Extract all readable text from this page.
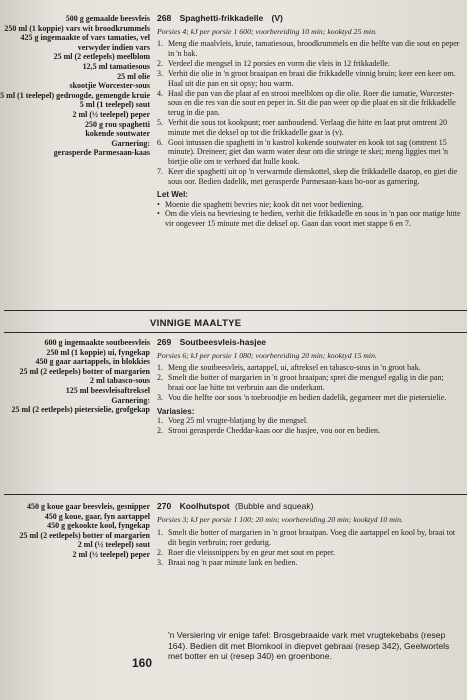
500 g gemaalde beesvleis
250 ml (1 koppie) vars wit broodkrummels
425 g ingemaakte of vars tamaties, vel verwyder indien vars
25 ml (2 eetlepels) meelblom
12,5 ml tamatiesous
25 ml olie
skootjie Worcester-sous
5 ml (1 teelepel) gedroogde, gemengde kruie
5 ml (1 teelepel) sout
2 ml (½ teelepel) peper
250 g rou spaghetti
kokende soutwater
Garnering:
gerasperde Parmesaan-kaas
268 Spaghetti-frikkadelle (V)
Porsies 4; kJ per porsie 1 600; voorbereiding 10 min; kooktyd 25 min.
1. Meng die maalvleis, kruie, tamatiesous, broodkrummels en die helfte van die sout en peper in 'n bak.
2. Verdeel die mengsel in 12 porsies en vorm die vleis in 12 frikkadelle.
3. Verhit die olie in 'n groot braaipan en braai die frikkadelle vinnig bruin; keer een keer om. Haal uit die pan en sit opsy; hou warm.
4. Haal die pan van die plaat af en strooi meelblom op die olie. Roer die tamatie, Worcester-sous en die res van die sout en peper in. Sit die pan weer op die plaat en sit die frikkadelle terug in die pan.
5. Verhit die sous tot kookpunt; roer aanhoudend. Verlaag die hitte en laat prut omtrent 20 minute met die deksel op tot die frikkadelle gaar is (v).
6. Gooi intussen die spaghetti in 'n kastrol kokende soutwater en kook tot sag (omtrent 15 minute). Dreineer; giet dan warm water deur om die stringe te skei; meng liggies met 'n bietjie olie om te verhoed dat hulle kook.
7. Keer die spaghetti uit op 'n verwarmde dienskottel, skep die frikkadelle daarop, en giet die sous oor. Bedien dadelik, met gerasperde Parmesaan-kaas bo-oor as garnering.
Let Wel:
• Moenie die spaghetti bevries nie; kook dit net voor bediening.
• Om die vleis na bevriesing te bedien, verhit die frikkadelle en sous in 'n pan oor matige hitte vir ongeveer 15 minute met die deksel op. Gaan dan voort met stappe 6 en 7.
VINNIGE MAALTYE
600 g ingemaakte soutbeesvleis
250 ml (1 koppie) ui, fyngekap
450 g gaar aartappels, in blokkies
25 ml (2 eetlepels) botter of margarien
2 ml tabasco-sous
125 ml beesvleisaftreksel
Garnering:
25 ml (2 eetlepels) pietersielie, grofgekap
269 Soutbeesvleis-hasjee
Porsies 6; kJ per porsie 1 080; voorbereiding 20 min; kooktyd 15 min.
1. Meng die soutbeesvleis, aartappel, ui, aftreksel en tabasco-sous in 'n groot bak.
2. Smelt die botter of margarien in 'n groot braaipan; sprei die mengsel egalig in die pan; braai oor lae hitte tot verbruin aan die onderkant.
3. Vou die helfte oor soos 'n toebroodjie en bedien dadelik, gegarneer met die pietersielie.
Variasies:
1. Voeg 25 ml vrugte-blatjang by die mengsel.
2. Strooi gerasperde Cheddar-kaas oor die hasjee, vou oor en bedien.
450 g koue gaar beesvleis, gesnipper
450 g koue, gaar, fyn aartappel
450 g gekookte kool, fyngekap
25 ml (2 eetlepels) botter of margarien
2 ml (½ teelepel) sout
2 ml (½ teelepel) peper
270 Koolhutspot (Bubble and squeak)
Porsies 3; kJ per porsie 1 100; 20 min; voorbereiding 20 min; kooktyd 10 min.
1. Smelt die botter of margarien in 'n groot braaipan. Voeg die aartappel en kool by, braai tot dit begin verbruin; roer gedurig.
2. Roer die vleissnippers by en geur met sout en peper.
3. Braai nog 'n paar minute lank en bedien.
'n Versiering vir enige tafel: Brosgebraaide vark met vrugtekebabs (resep 164). Bedien dit met Blomkool in diepvet gebraai (resep 342), Geelwortels met botter en ui (resep 340) en groenbone.
160
